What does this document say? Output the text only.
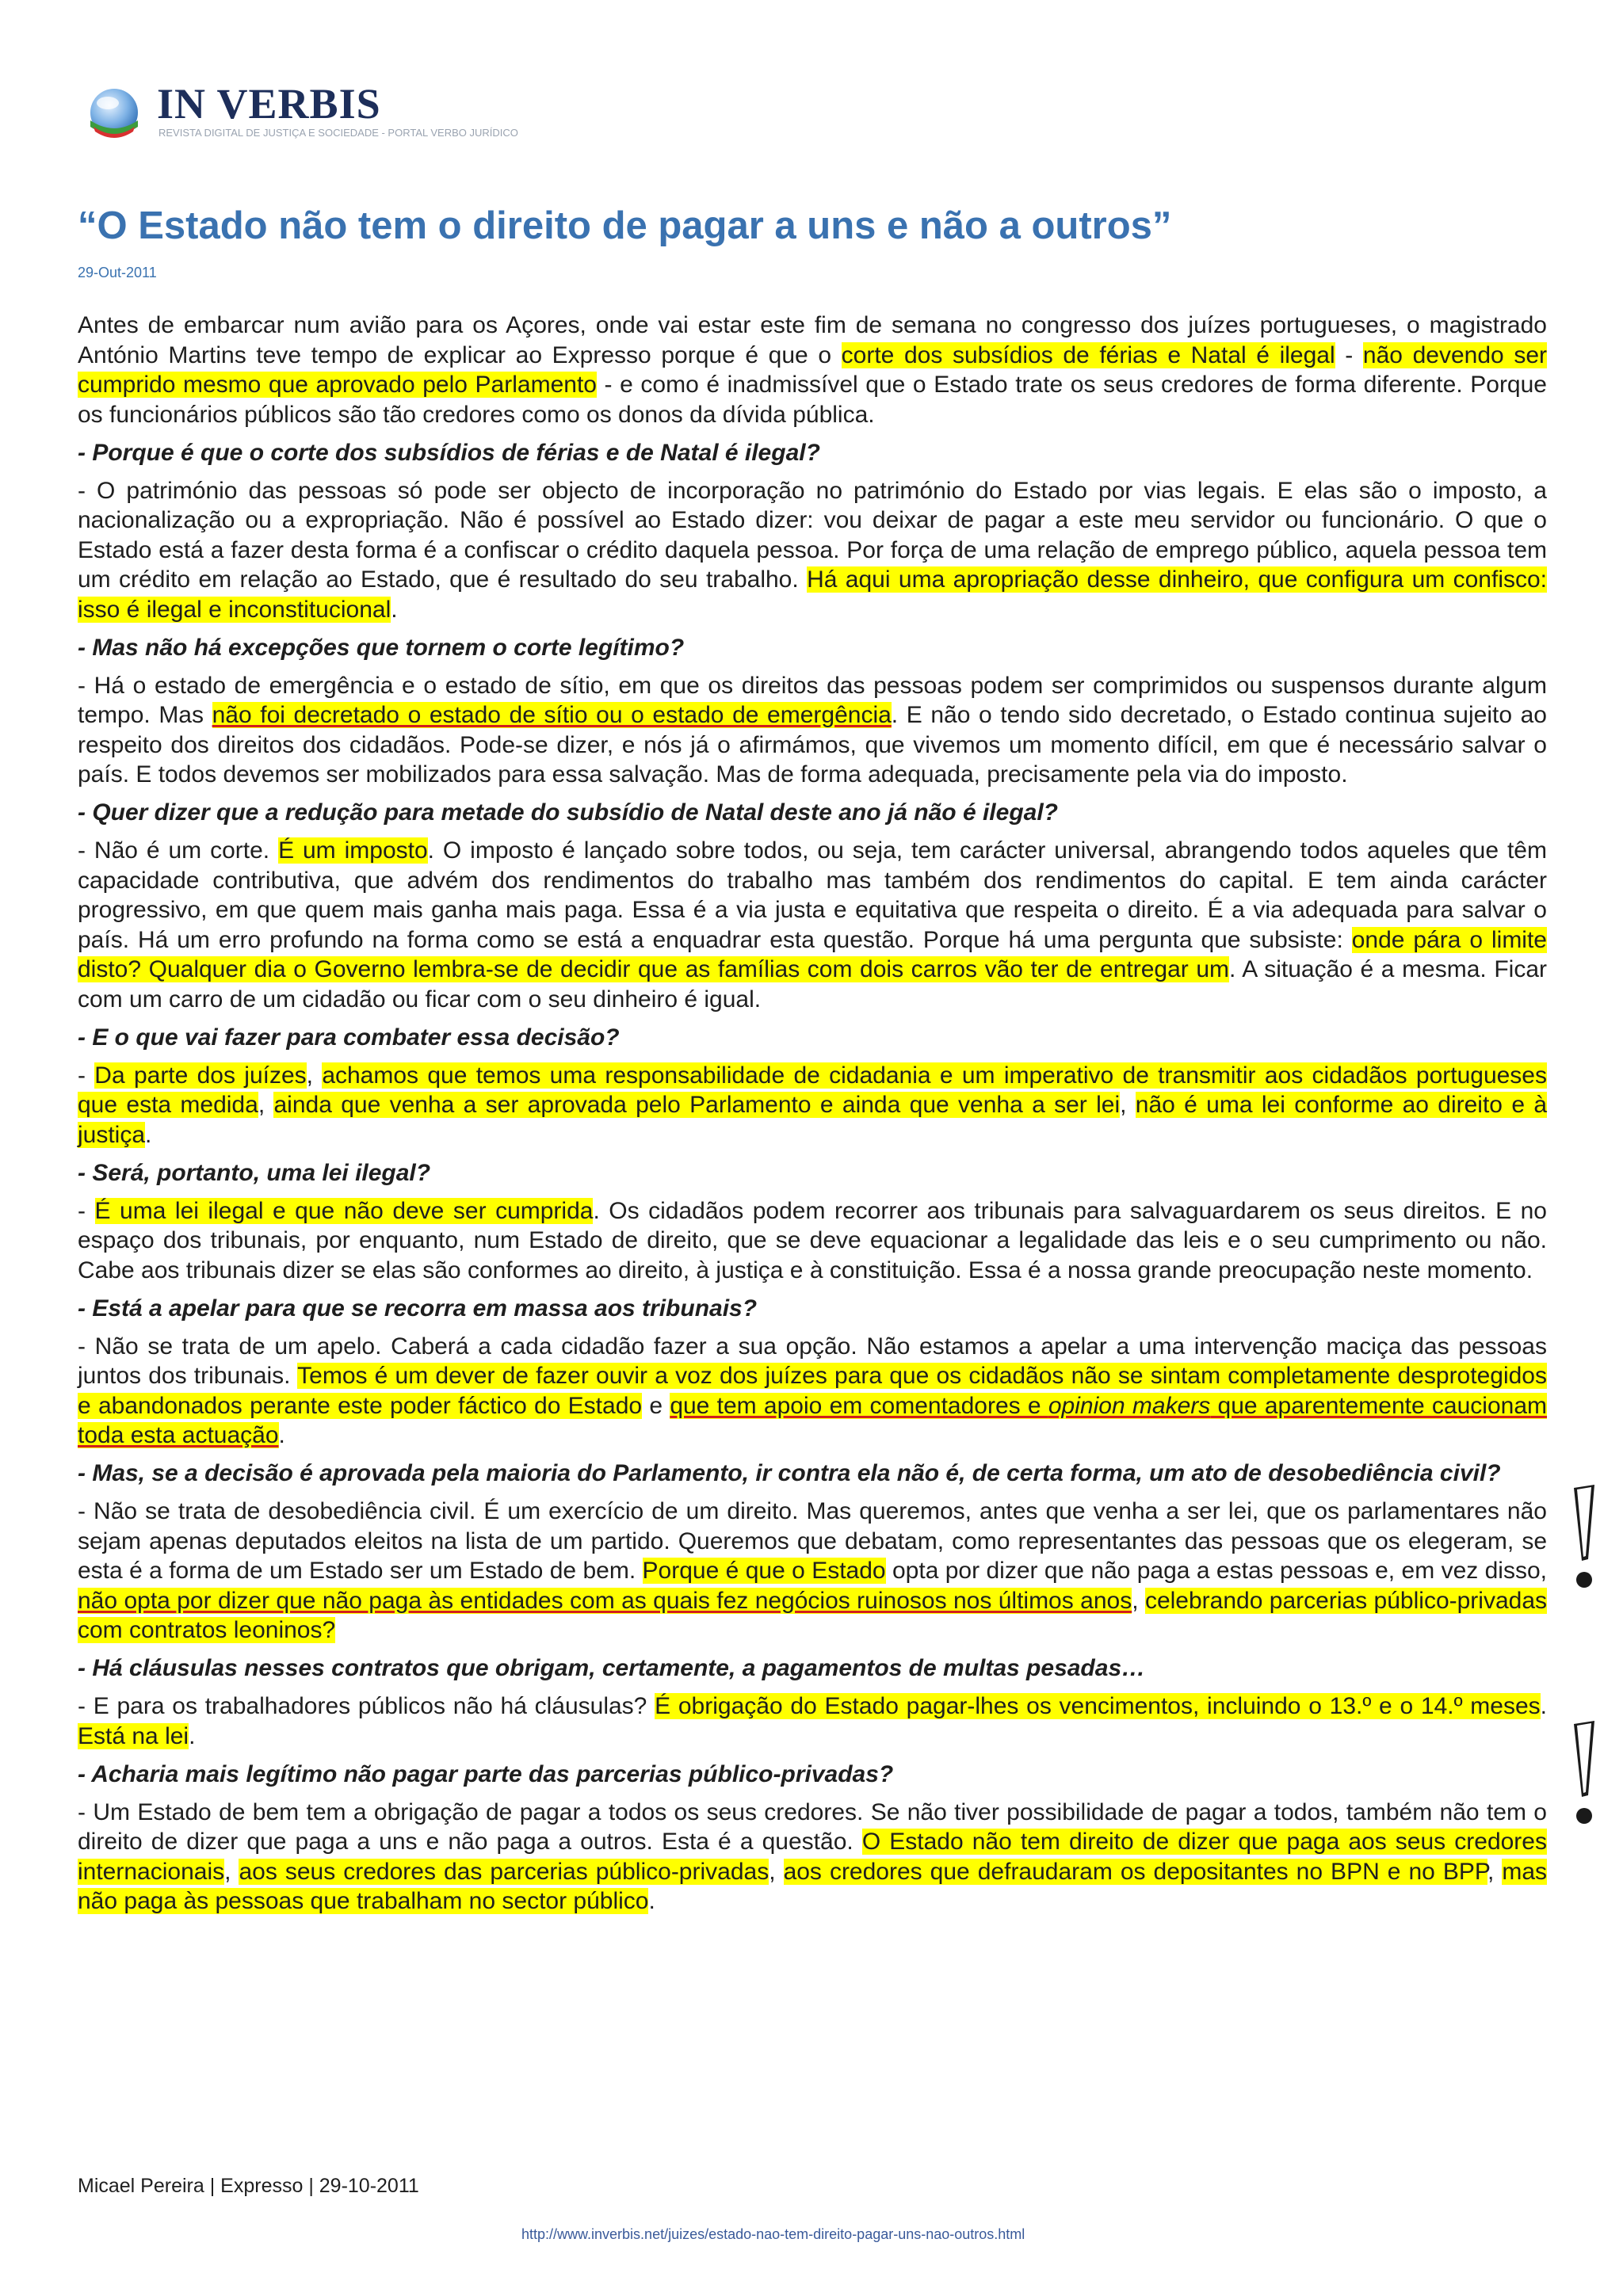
IN VERBIS
REVISTA DIGITAL DE JUSTIÇA E SOCIEDADE - PORTAL VERBO JURÍDICO
“O Estado não tem o direito de pagar a uns e não a outros”
29-Out-2011

Antes de embarcar num avião para os Açores, onde vai estar este fim de semana no congresso dos juízes portugueses, o magistrado António Martins teve tempo de explicar ao Expresso porque é que o corte dos subsídios de férias e Natal é ilegal - não devendo ser cumprido mesmo que aprovado pelo Parlamento - e como é inadmissível que o Estado trate os seus credores de forma diferente. Porque os funcionários públicos são tão credores como os donos da dívida pública.

- Porque é que o corte dos subsídios de férias e de Natal é ilegal?

- O património das pessoas só pode ser objecto de incorporação no património do Estado por vias legais. E elas são o imposto, a nacionalização ou a expropriação. Não é possível ao Estado dizer: vou deixar de pagar a este meu servidor ou funcionário. O que o Estado está a fazer desta forma é a confiscar o crédito daquela pessoa. Por força de uma relação de emprego público, aquela pessoa tem um crédito em relação ao Estado, que é resultado do seu trabalho. Há aqui uma apropriação desse dinheiro, que configura um confisco: isso é ilegal e inconstitucional.

- Mas não há excepções que tornem o corte legítimo?

- Há o estado de emergência e o estado de sítio, em que os direitos das pessoas podem ser comprimidos ou suspensos durante algum tempo. Mas não foi decretado o estado de sítio ou o estado de emergência. E não o tendo sido decretado, o Estado continua sujeito ao respeito dos direitos dos cidadãos. Pode-se dizer, e nós já o afirmámos, que vivemos um momento difícil, em que é necessário salvar o país. E todos devemos ser mobilizados para essa salvação. Mas de forma adequada, precisamente pela via do imposto.

- Quer dizer que a redução para metade do subsídio de Natal deste ano já não é ilegal?

- Não é um corte. É um imposto. O imposto é lançado sobre todos, ou seja, tem carácter universal, abrangendo todos aqueles que têm capacidade contributiva, que advém dos rendimentos do trabalho mas também dos rendimentos do capital. E tem ainda carácter progressivo, em que quem mais ganha mais paga. Essa é a via justa e equitativa que respeita o direito. É a via adequada para salvar o país. Há um erro profundo na forma como se está a enquadrar esta questão. Porque há uma pergunta que subsiste: onde pára o limite disto? Qualquer dia o Governo lembra-se de decidir que as famílias com dois carros vão ter de entregar um. A situação é a mesma. Ficar com um carro de um cidadão ou ficar com o seu dinheiro é igual.

- E o que vai fazer para combater essa decisão?

- Da parte dos juízes, achamos que temos uma responsabilidade de cidadania e um imperativo de transmitir aos cidadãos portugueses que esta medida, ainda que venha a ser aprovada pelo Parlamento e ainda que venha a ser lei, não é uma lei conforme ao direito e à justiça.

- Será, portanto, uma lei ilegal?

- É uma lei ilegal e que não deve ser cumprida. Os cidadãos podem recorrer aos tribunais para salvaguardarem os seus direitos. E no espaço dos tribunais, por enquanto, num Estado de direito, que se deve equacionar a legalidade das leis e o seu cumprimento ou não. Cabe aos tribunais dizer se elas são conformes ao direito, à justiça e à constituição. Essa é a nossa grande preocupação neste momento.

- Está a apelar para que se recorra em massa aos tribunais?

- Não se trata de um apelo. Caberá a cada cidadão fazer a sua opção. Não estamos a apelar a uma intervenção maciça das pessoas juntos dos tribunais. Temos é um dever de fazer ouvir a voz dos juízes para que os cidadãos não se sintam completamente desprotegidos e abandonados perante este poder fáctico do Estado e que tem apoio em comentadores e opinion makers que aparentemente caucionam toda esta actuação.

- Mas, se a decisão é aprovada pela maioria do Parlamento, ir contra ela não é, de certa forma, um ato de desobediência civil?

- Não se trata de desobediência civil. É um exercício de um direito. Mas queremos, antes que venha a ser lei, que os parlamentares não sejam apenas deputados eleitos na lista de um partido. Queremos que debatam, como representantes das pessoas que os elegeram, se esta é a forma de um Estado ser um Estado de bem. Porque é que o Estado opta por dizer que não paga a estas pessoas e, em vez disso, não opta por dizer que não paga às entidades com as quais fez negócios ruinosos nos últimos anos, celebrando parcerias público-privadas com contratos leoninos?

- Há cláusulas nesses contratos que obrigam, certamente, a pagamentos de multas pesadas…

- E para os trabalhadores públicos não há cláusulas? É obrigação do Estado pagar-lhes os vencimentos, incluindo o 13.º e o 14.º meses. Está na lei.

- Acharia mais legítimo não pagar parte das parcerias público-privadas?

- Um Estado de bem tem a obrigação de pagar a todos os seus credores. Se não tiver possibilidade de pagar a todos, também não tem o direito de dizer que paga a uns e não paga a outros. Esta é a questão. O Estado não tem direito de dizer que paga aos seus credores internacionais, aos seus credores das parcerias público-privadas, aos credores que defraudaram os depositantes no BPN e no BPP, mas não paga às pessoas que trabalham no sector público.

Micael Pereira | Expresso | 29-10-2011
http://www.inverbis.net/juizes/estado-nao-tem-direito-pagar-uns-nao-outros.html
